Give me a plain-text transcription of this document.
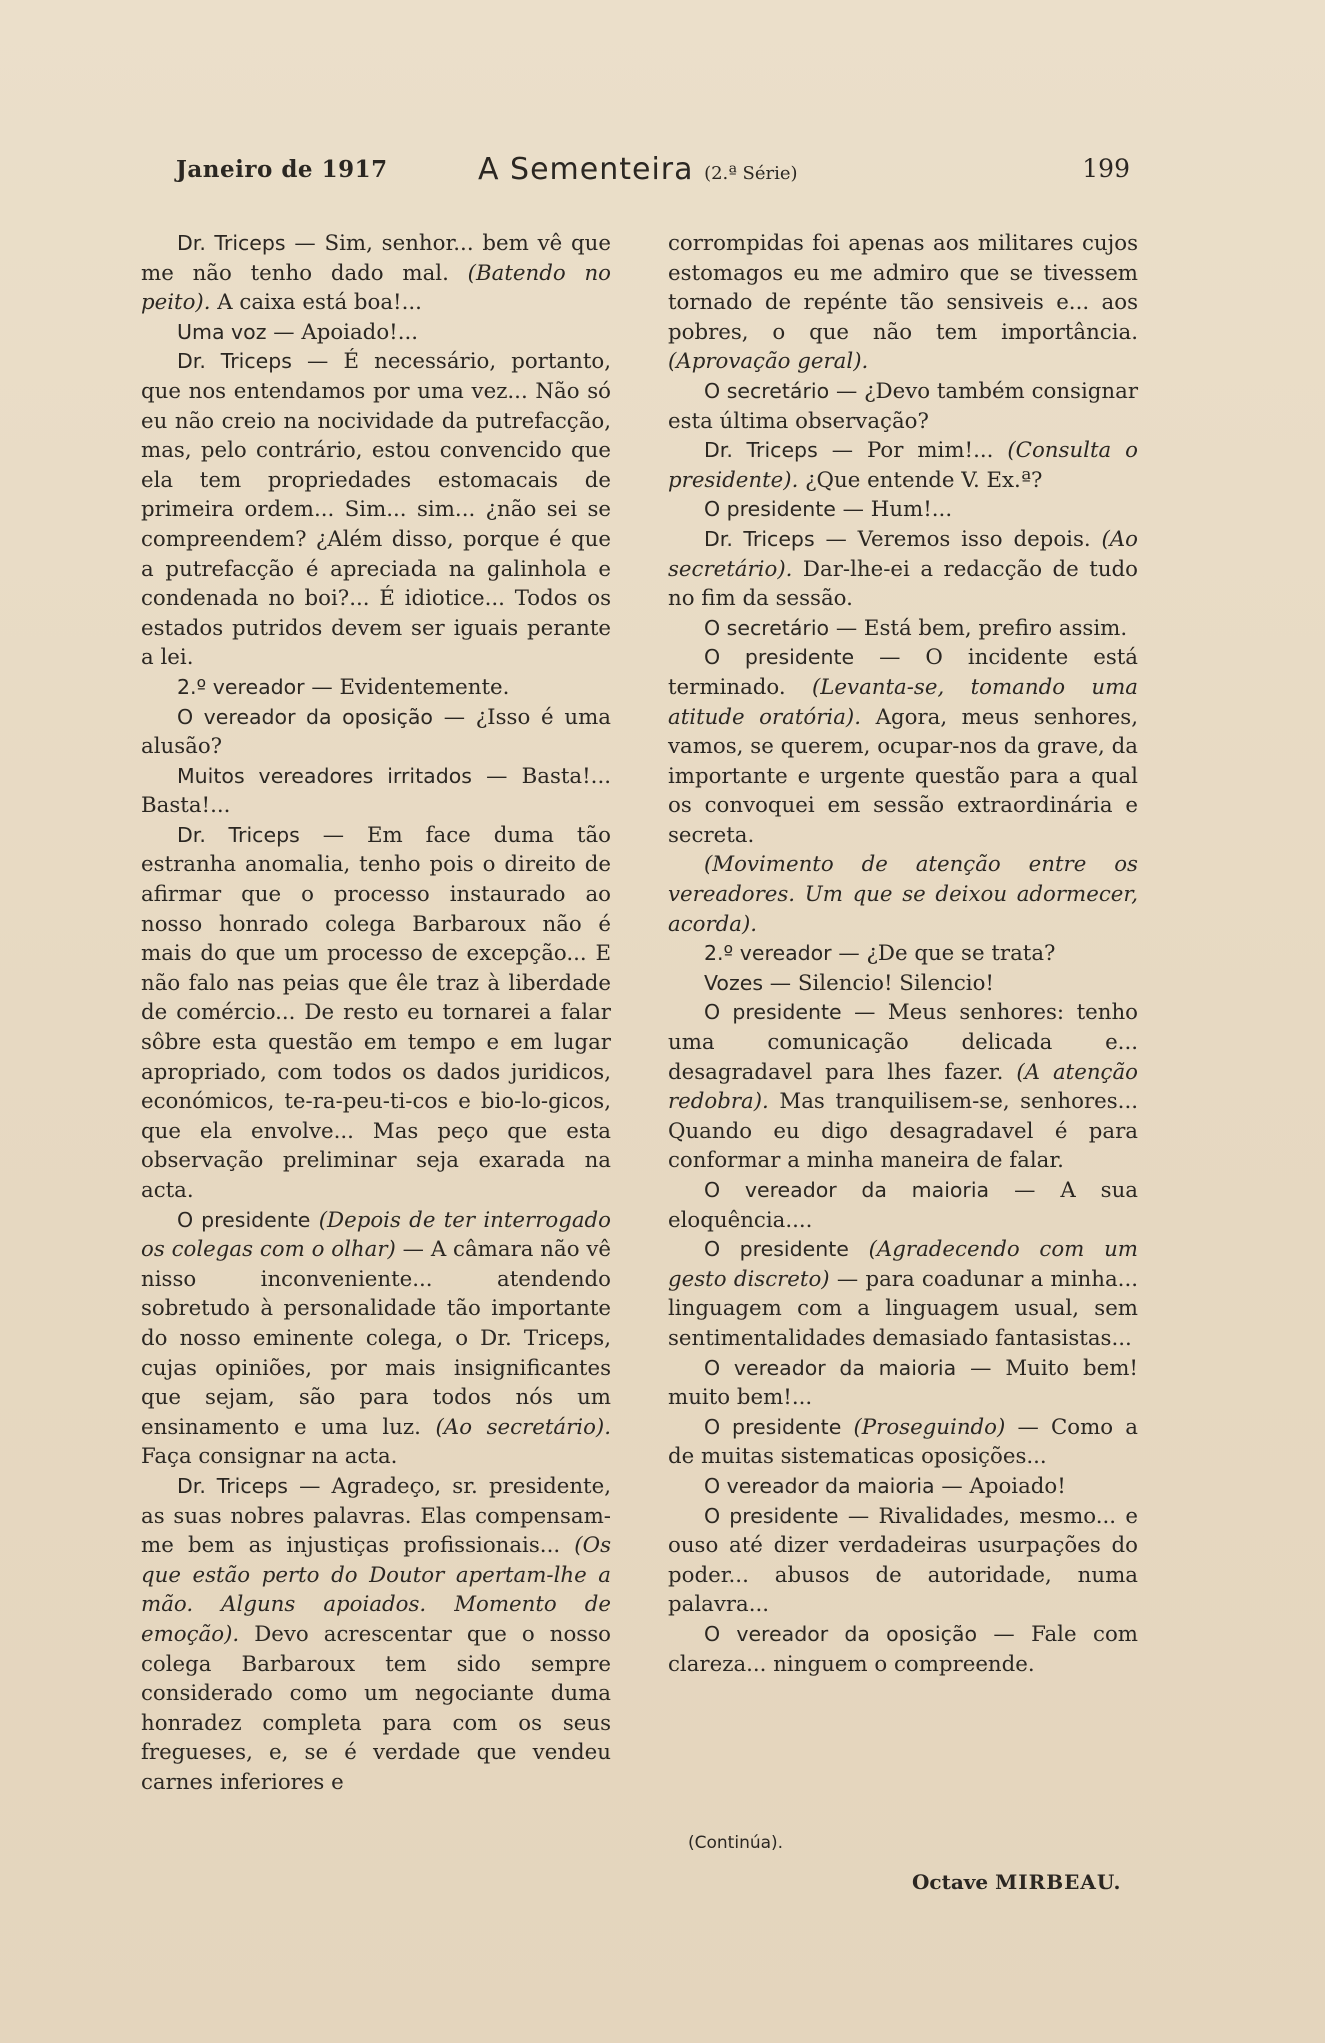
Janeiro de 1917	A Sementeira (2.ª Série)	199

Dr. Triceps — Sim, senhor... bem vê que me não tenho dado mal. (Batendo no peito). A caixa está boa!...

Uma voz — Apoiado!...

Dr. Triceps — É necessário, portanto, que nos entendamos por uma vez... Não só eu não creio na nocividade da putrefacção, mas, pelo contrário, estou convencido que ela tem propriedades estomacais de primeira ordem... Sim... sim... ¿não sei se compreendem? ¿Além disso, porque é que a putrefacção é apreciada na galinhola e condenada no boi?... É idiotice... Todos os estados putridos devem ser iguais perante a lei.

2.º vereador — Evidentemente.

O vereador da oposição — ¿Isso é uma alusão?

Muitos vereadores irritados — Basta!... Basta!...

Dr. Triceps — Em face duma tão estranha anomalia, tenho pois o direito de afirmar que o processo instaurado ao nosso honrado colega Barbaroux não é mais do que um processo de excepção... E não falo nas peias que êle traz à liberdade de comércio... De resto eu tornarei a falar sôbre esta questão em tempo e em lugar apropriado, com todos os dados juridicos, económicos, te-ra-peu-ti-cos e bio-lo-gicos, que ela envolve... Mas peço que esta observação preliminar seja exarada na acta.

O presidente (Depois de ter interrogado os colegas com o olhar) — A câmara não vê nisso inconveniente... atendendo sobretudo à personalidade tão importante do nosso eminente colega, o Dr. Triceps, cujas opiniões, por mais insignificantes que sejam, são para todos nós um ensinamento e uma luz. (Ao secretário). Faça consignar na acta.

Dr. Triceps — Agradeço, sr. presidente, as suas nobres palavras. Elas compensam-me bem as injustiças profissionais... (Os que estão perto do Doutor apertam-lhe a mão. Alguns apoiados. Momento de emoção). Devo acrescentar que o nosso colega Barbaroux tem sido sempre considerado como um negociante duma honradez completa para com os seus fregueses, e, se é verdade que vendeu carnes inferiores e

corrompidas foi apenas aos militares cujos estomagos eu me admiro que se tivessem tornado de repénte tão sensiveis e... aos pobres, o que não tem importância. (Aprovação geral).

O secretário — ¿Devo também consignar esta última observação?

Dr. Triceps — Por mim!... (Consulta o presidente). ¿Que entende V. Ex.ª?

O presidente — Hum!...

Dr. Triceps — Veremos isso depois. (Ao secretário). Dar-lhe-ei a redacção de tudo no fim da sessão.

O secretário — Está bem, prefiro assim.

O presidente — O incidente está terminado. (Levanta-se, tomando uma atitude oratória). Agora, meus senhores, vamos, se querem, ocupar-nos da grave, da importante e urgente questão para a qual os convoquei em sessão extraordinária e secreta.

(Movimento de atenção entre os vereadores. Um que se deixou adormecer, acorda).

2.º vereador — ¿De que se trata?

Vozes — Silencio! Silencio!

O presidente — Meus senhores: tenho uma comunicação delicada e... desagradavel para lhes fazer. (A atenção redobra). Mas tranquilisem-se, senhores... Quando eu digo desagradavel é para conformar a minha maneira de falar.

O vereador da maioria — A sua eloquência....

O presidente (Agradecendo com um gesto discreto) — para coadunar a minha... linguagem com a linguagem usual, sem sentimentalidades demasiado fantasistas...

O vereador da maioria — Muito bem! muito bem!...

O presidente (Proseguindo) — Como a de muitas sistematicas oposições...

O vereador da maioria — Apoiado!

O presidente — Rivalidades, mesmo... e ouso até dizer verdadeiras usurpações do poder... abusos de autoridade, numa palavra...

O vereador da oposição — Fale com clareza... ninguem o compreende.

(Continúa).
Octave MIRBEAU.
